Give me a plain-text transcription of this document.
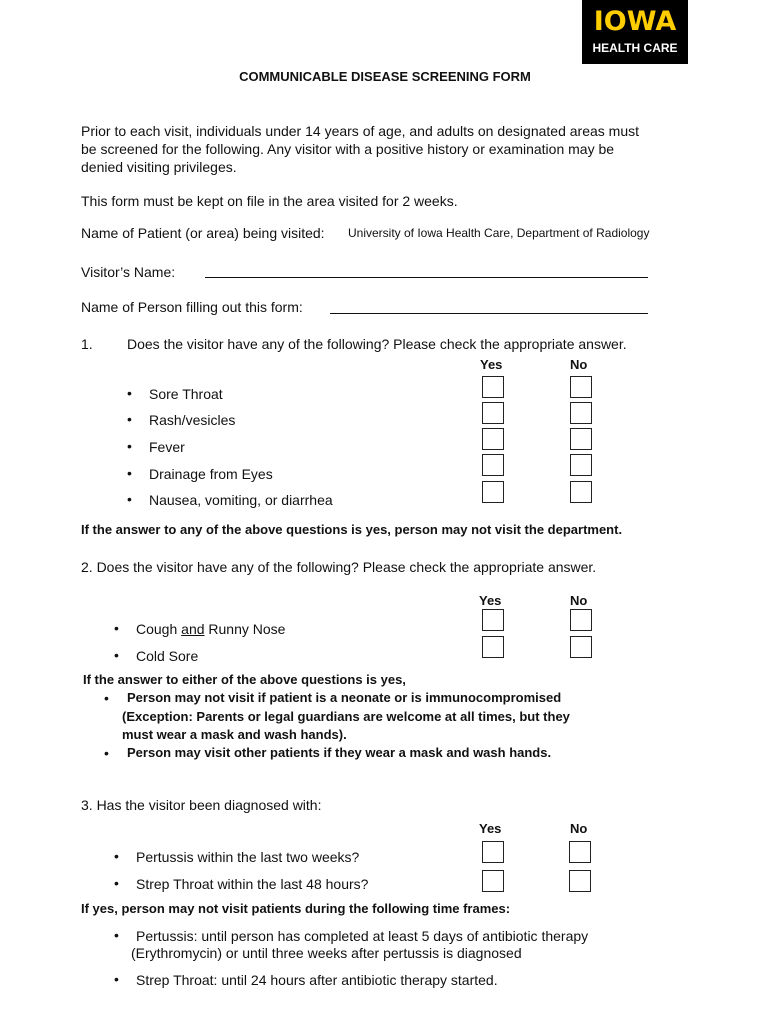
IOWA
HEALTH CARE
COMMUNICABLE DISEASE SCREENING FORM
Prior to each visit, individuals under 14 years of age, and adults on designated areas must
be screened for the following. Any visitor with a positive history or examination may be
denied visiting privileges.
This form must be kept on file in the area visited for 2 weeks.
Name of Patient (or area) being visited: University of Iowa Health Care, Department of Radiology
Visitor’s Name:
Name of Person filling out this form:
1. Does the visitor have any of the following? Please check the appropriate answer.
Yes	No
• Sore Throat
• Rash/vesicles
• Fever
• Drainage from Eyes
• Nausea, vomiting, or diarrhea
If the answer to any of the above questions is yes, person may not visit the department.
2. Does the visitor have any of the following? Please check the appropriate answer.
Yes	No
• Cough and Runny Nose
• Cold Sore
If the answer to either of the above questions is yes,
• Person may not visit if patient is a neonate or is immunocompromised
(Exception: Parents or legal guardians are welcome at all times, but they
must wear a mask and wash hands).
• Person may visit other patients if they wear a mask and wash hands.
3. Has the visitor been diagnosed with:
Yes	No
• Pertussis within the last two weeks?
• Strep Throat within the last 48 hours?
If yes, person may not visit patients during the following time frames:
• Pertussis: until person has completed at least 5 days of antibiotic therapy
(Erythromycin) or until three weeks after pertussis is diagnosed
• Strep Throat: until 24 hours after antibiotic therapy started.
